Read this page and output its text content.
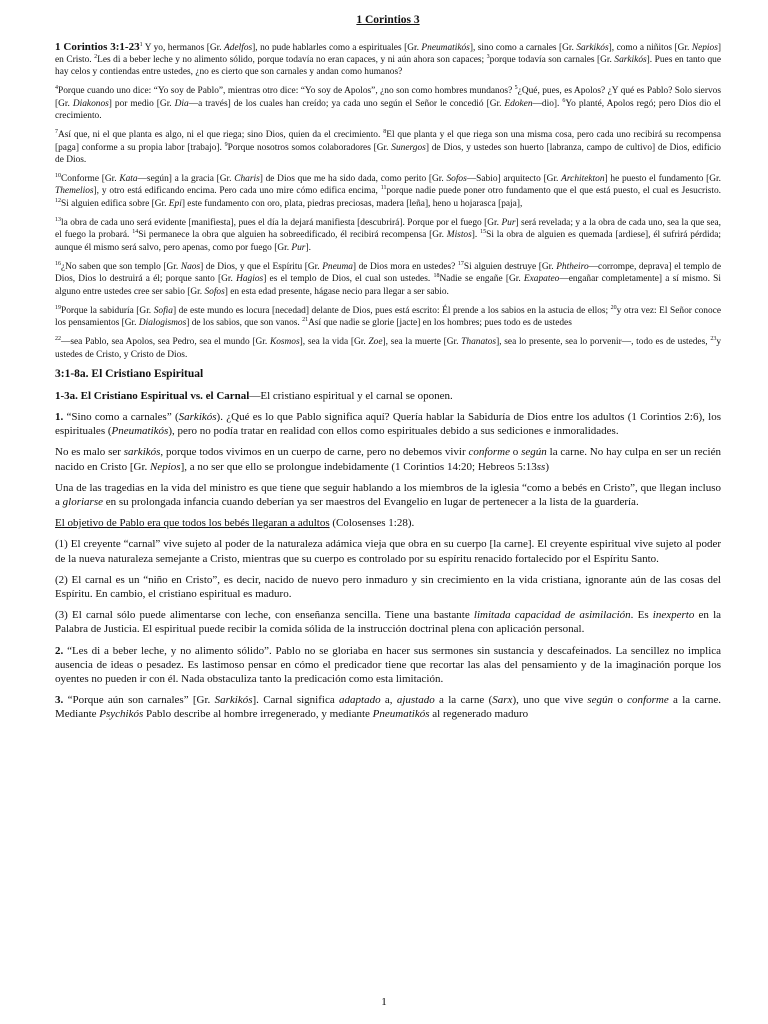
1 Corintios 3

1 Corintios $3:1-23^1$ Y yo, hermanos [Gr. Adelfos], no pude hablarles como a espirituales [Gr. Pneumatikós], sino como a carnales [Gr. Sarkikós], como a niñitos [Gr. Nepios] en Cristo. $^2$Les di a beber leche y no alimento sólido, porque todavía no eran capaces, y ni aún ahora son capaces; $^3$porque todavía son carnales [Gr. Sarkikós]. Pues en tanto que hay celos y contiendas entre ustedes, ¿no es cierto que son carnales y andan como humanos?

$^4$Porque cuando uno dice: “Yo soy de Pablo”, mientras otro dice: “Yo soy de Apolos”, ¿no son como hombres mundanos? $^5$¿Qué, pues, es Apolos? ¿Y qué es Pablo? Solo siervos [Gr. Diakonos] por medio [Gr. Dia—a través] de los cuales han creído; ya cada uno según el Señor le concedió [Gr. Edoken—dio]. $^6$Yo planté, Apolos regó; pero Dios dio el crecimiento.

$^7$Así que, ni el que planta es algo, ni el que riega; sino Dios, quien da el crecimiento. $^8$El que planta y el que riega son una misma cosa, pero cada uno recibirá su recompensa [paga] conforme a su propia labor [trabajo]. $^9$Porque nosotros somos colaboradores [Gr. Sunergos] de Dios, y ustedes son huerto [labranza, campo de cultivo] de Dios, edificio de Dios.

$^{10}$Conforme [Gr. Kata—según] a la gracia [Gr. Charis] de Dios que me ha sido dada, como perito [Gr. Sofos—Sabio] arquitecto [Gr. Architekton] he puesto el fundamento [Gr. Themelios], y otro está edificando encima. Pero cada uno mire cómo edifica encima, $^{11}$porque nadie puede poner otro fundamento que el que está puesto, el cual es Jesucristo. $^{12}$Si alguien edifica sobre [Gr. Epi] este fundamento con oro, plata, piedras preciosas, madera [leña], heno u hojarasca [paja],

$^{13}$la obra de cada uno será evidente [manifiesta], pues el día la dejará manifiesta [descubrirá]. Porque por el fuego [Gr. Pur] será revelada; y a la obra de cada uno, sea la que sea, el fuego la probará. $^{14}$Si permanece la obra que alguien ha sobreedificado, él recibirá recompensa [Gr. Mistos]. $^{15}$Si la obra de alguien es quemada [ardiese], él sufrirá pérdida; aunque él mismo será salvo, pero apenas, como por fuego [Gr. Pur].

$^{16}$¿No saben que son templo [Gr. Naos] de Dios, y que el Espíritu [Gr. Pneuma] de Dios mora en ustedes? $^{17}$Si alguien destruye [Gr. Phtheiro—corrompe, deprava] el templo de Dios, Dios lo destruirá a él; porque santo [Gr. Hagios] es el templo de Dios, el cual son ustedes. $^{18}$Nadie se engañe [Gr. Exapateo—engañar completamente] a sí mismo. Si alguno entre ustedes cree ser sabio [Gr. Sofos] en esta edad presente, hágase necio para llegar a ser sabio.

$^{19}$Porque la sabiduría [Gr. Sofia] de este mundo es locura [necedad] delante de Dios, pues está escrito: Él prende a los sabios en la astucia de ellos; $^{20}$y otra vez: El Señor conoce los pensamientos [Gr. Dialogismos] de los sabios, que son vanos. $^{21}$Así que nadie se glorie [jacte] en los hombres; pues todo es de ustedes

$^{22}$—sea Pablo, sea Apolos, sea Pedro, sea el mundo [Gr. Kosmos], sea la vida [Gr. Zoe], sea la muerte [Gr. Thanatos], sea lo presente, sea lo porvenir—, todo es de ustedes, $^{23}$y ustedes de Cristo, y Cristo de Dios.

3:1-8a. El Cristiano Espiritual
1-3a. El Cristiano Espiritual vs. el Carnal—El cristiano espiritual y el carnal se oponen.

1. “Sino como a carnales” (Sarkikós). ¿Qué es lo que Pablo significa aquí? Quería hablar la Sabiduría de Dios entre los adultos (1 Corintios 2:6), los espirituales (Pneumatikós), pero no podía tratar en realidad con ellos como espirituales debido a sus sediciones e inmoralidades.

No es malo ser sarkikós, porque todos vivimos en un cuerpo de carne, pero no debemos vivir conforme o según la carne. No hay culpa en ser un recién nacido en Cristo [Gr. Nepios], a no ser que ello se prolongue indebidamente (1 Corintios 14:20; Hebreos 5:13ss)

Una de las tragedias en la vida del ministro es que tiene que seguir hablando a los miembros de la iglesia “como a bebés en Cristo”, que llegan incluso a gloriarse en su prolongada infancia cuando deberían ya ser maestros del Evangelio en lugar de pertenecer a la lista de la guardería.

El objetivo de Pablo era que todos los bebés llegaran a adultos (Colosenses 1:28).

(1) El creyente “carnal” vive sujeto al poder de la naturaleza adámica vieja que obra en su cuerpo [la carne]. El creyente espiritual vive sujeto al poder de la nueva naturaleza semejante a Cristo, mientras que su cuerpo es controlado por su espíritu renacido fortalecido por el Espíritu Santo.

(2) El carnal es un “niño en Cristo”, es decir, nacido de nuevo pero inmaduro y sin crecimiento en la vida cristiana, ignorante aún de las cosas del Espíritu. En cambio, el cristiano espiritual es maduro.

(3) El carnal sólo puede alimentarse con leche, con enseñanza sencilla. Tiene una bastante limitada capacidad de asimilación. Es inexperto en la Palabra de Justicia. El espiritual puede recibir la comida sólida de la instrucción doctrinal plena con aplicación personal.

2. “Les di a beber leche, y no alimento sólido”. Pablo no se gloriaba en hacer sus sermones sin sustancia y descafeinados. La sencillez no implica ausencia de ideas o pesadez. Es lastimoso pensar en cómo el predicador tiene que recortar las alas del pensamiento y de la imaginación porque los oyentes no pueden ir con él. Nada obstaculiza tanto la predicación como esta limitación.

3. “Porque aún son carnales” [Gr. Sarkikós]. Carnal significa adaptado a, ajustado a la carne (Sarx), uno que vive según o conforme a la carne. Mediante Psychikós Pablo describe al hombre irregenerado, y mediante Pneumatikós al regenerado maduro

1
